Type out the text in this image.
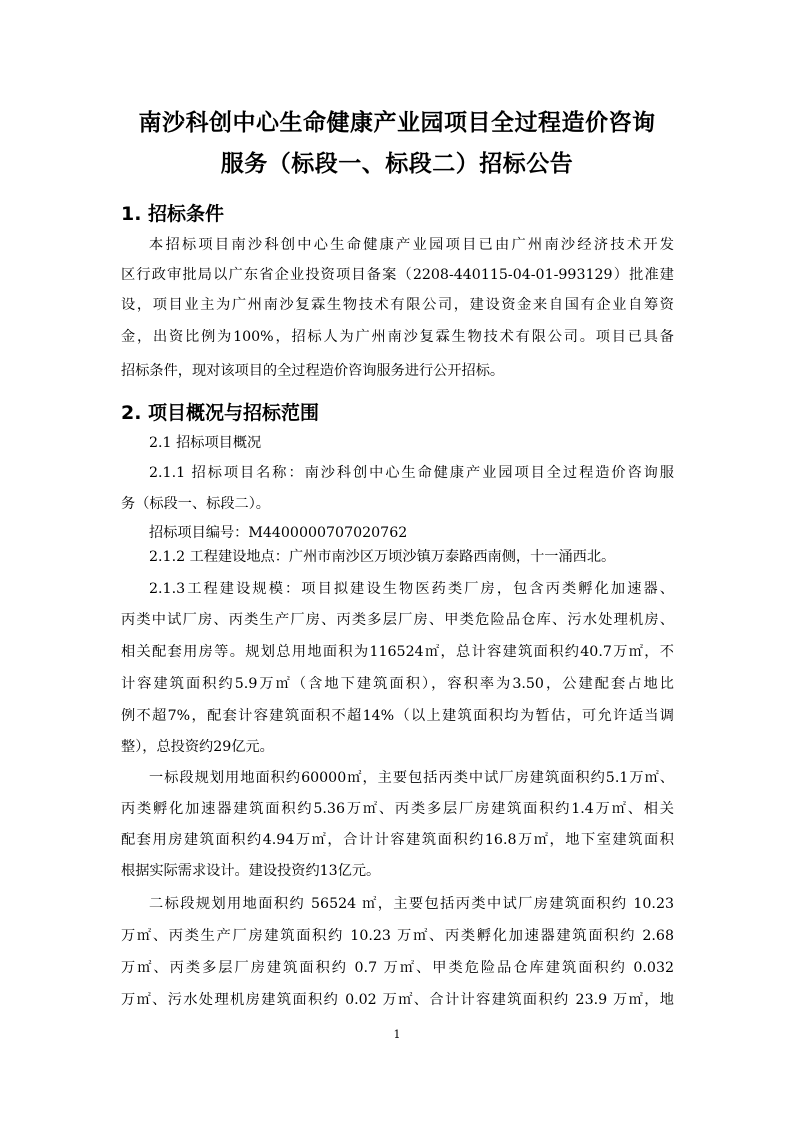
南沙科创中心生命健康产业园项目全过程造价咨询
服务（标段一、标段二）招标公告
1. 招标条件
本招标项目南沙科创中心生命健康产业园项目已由广州南沙经济技术开发
区行政审批局以广东省企业投资项目备案（2208-440115-04-01-993129）批准建
设，项目业主为广州南沙复霖生物技术有限公司，建设资金来自国有企业自筹资
金，出资比例为100%，招标人为广州南沙复霖生物技术有限公司。项目已具备
招标条件，现对该项目的全过程造价咨询服务进行公开招标。
2. 项目概况与招标范围
2.1 招标项目概况
2.1.1 招标项目名称：南沙科创中心生命健康产业园项目全过程造价咨询服
务（标段一、标段二）。
招标项目编号：M4400000707020762
2.1.2 工程建设地点：广州市南沙区万顷沙镇万泰路西南侧，十一涌西北。
2.1.3工程建设规模：项目拟建设生物医药类厂房，包含丙类孵化加速器、
丙类中试厂房、丙类生产厂房、丙类多层厂房、甲类危险品仓库、污水处理机房、
相关配套用房等。规划总用地面积为116524㎡，总计容建筑面积约40.7万㎡，不
计容建筑面积约5.9万㎡（含地下建筑面积），容积率为3.50，公建配套占地比
例不超7%，配套计容建筑面积不超14%（以上建筑面积均为暂估，可允许适当调
整），总投资约29亿元。
一标段规划用地面积约60000㎡，主要包括丙类中试厂房建筑面积约5.1万㎡、
丙类孵化加速器建筑面积约5.36万㎡、丙类多层厂房建筑面积约1.4万㎡、相关
配套用房建筑面积约4.94万㎡，合计计容建筑面积约16.8万㎡，地下室建筑面积
根据实际需求设计。建设投资约13亿元。
二标段规划用地面积约 56524 ㎡，主要包括丙类中试厂房建筑面积约 10.23
万㎡、丙类生产厂房建筑面积约 10.23 万㎡、丙类孵化加速器建筑面积约 2.68
万㎡、丙类多层厂房建筑面积约 0.7 万㎡、甲类危险品仓库建筑面积约 0.032
万㎡、污水处理机房建筑面积约 0.02 万㎡、合计计容建筑面积约 23.9 万㎡，地
1
